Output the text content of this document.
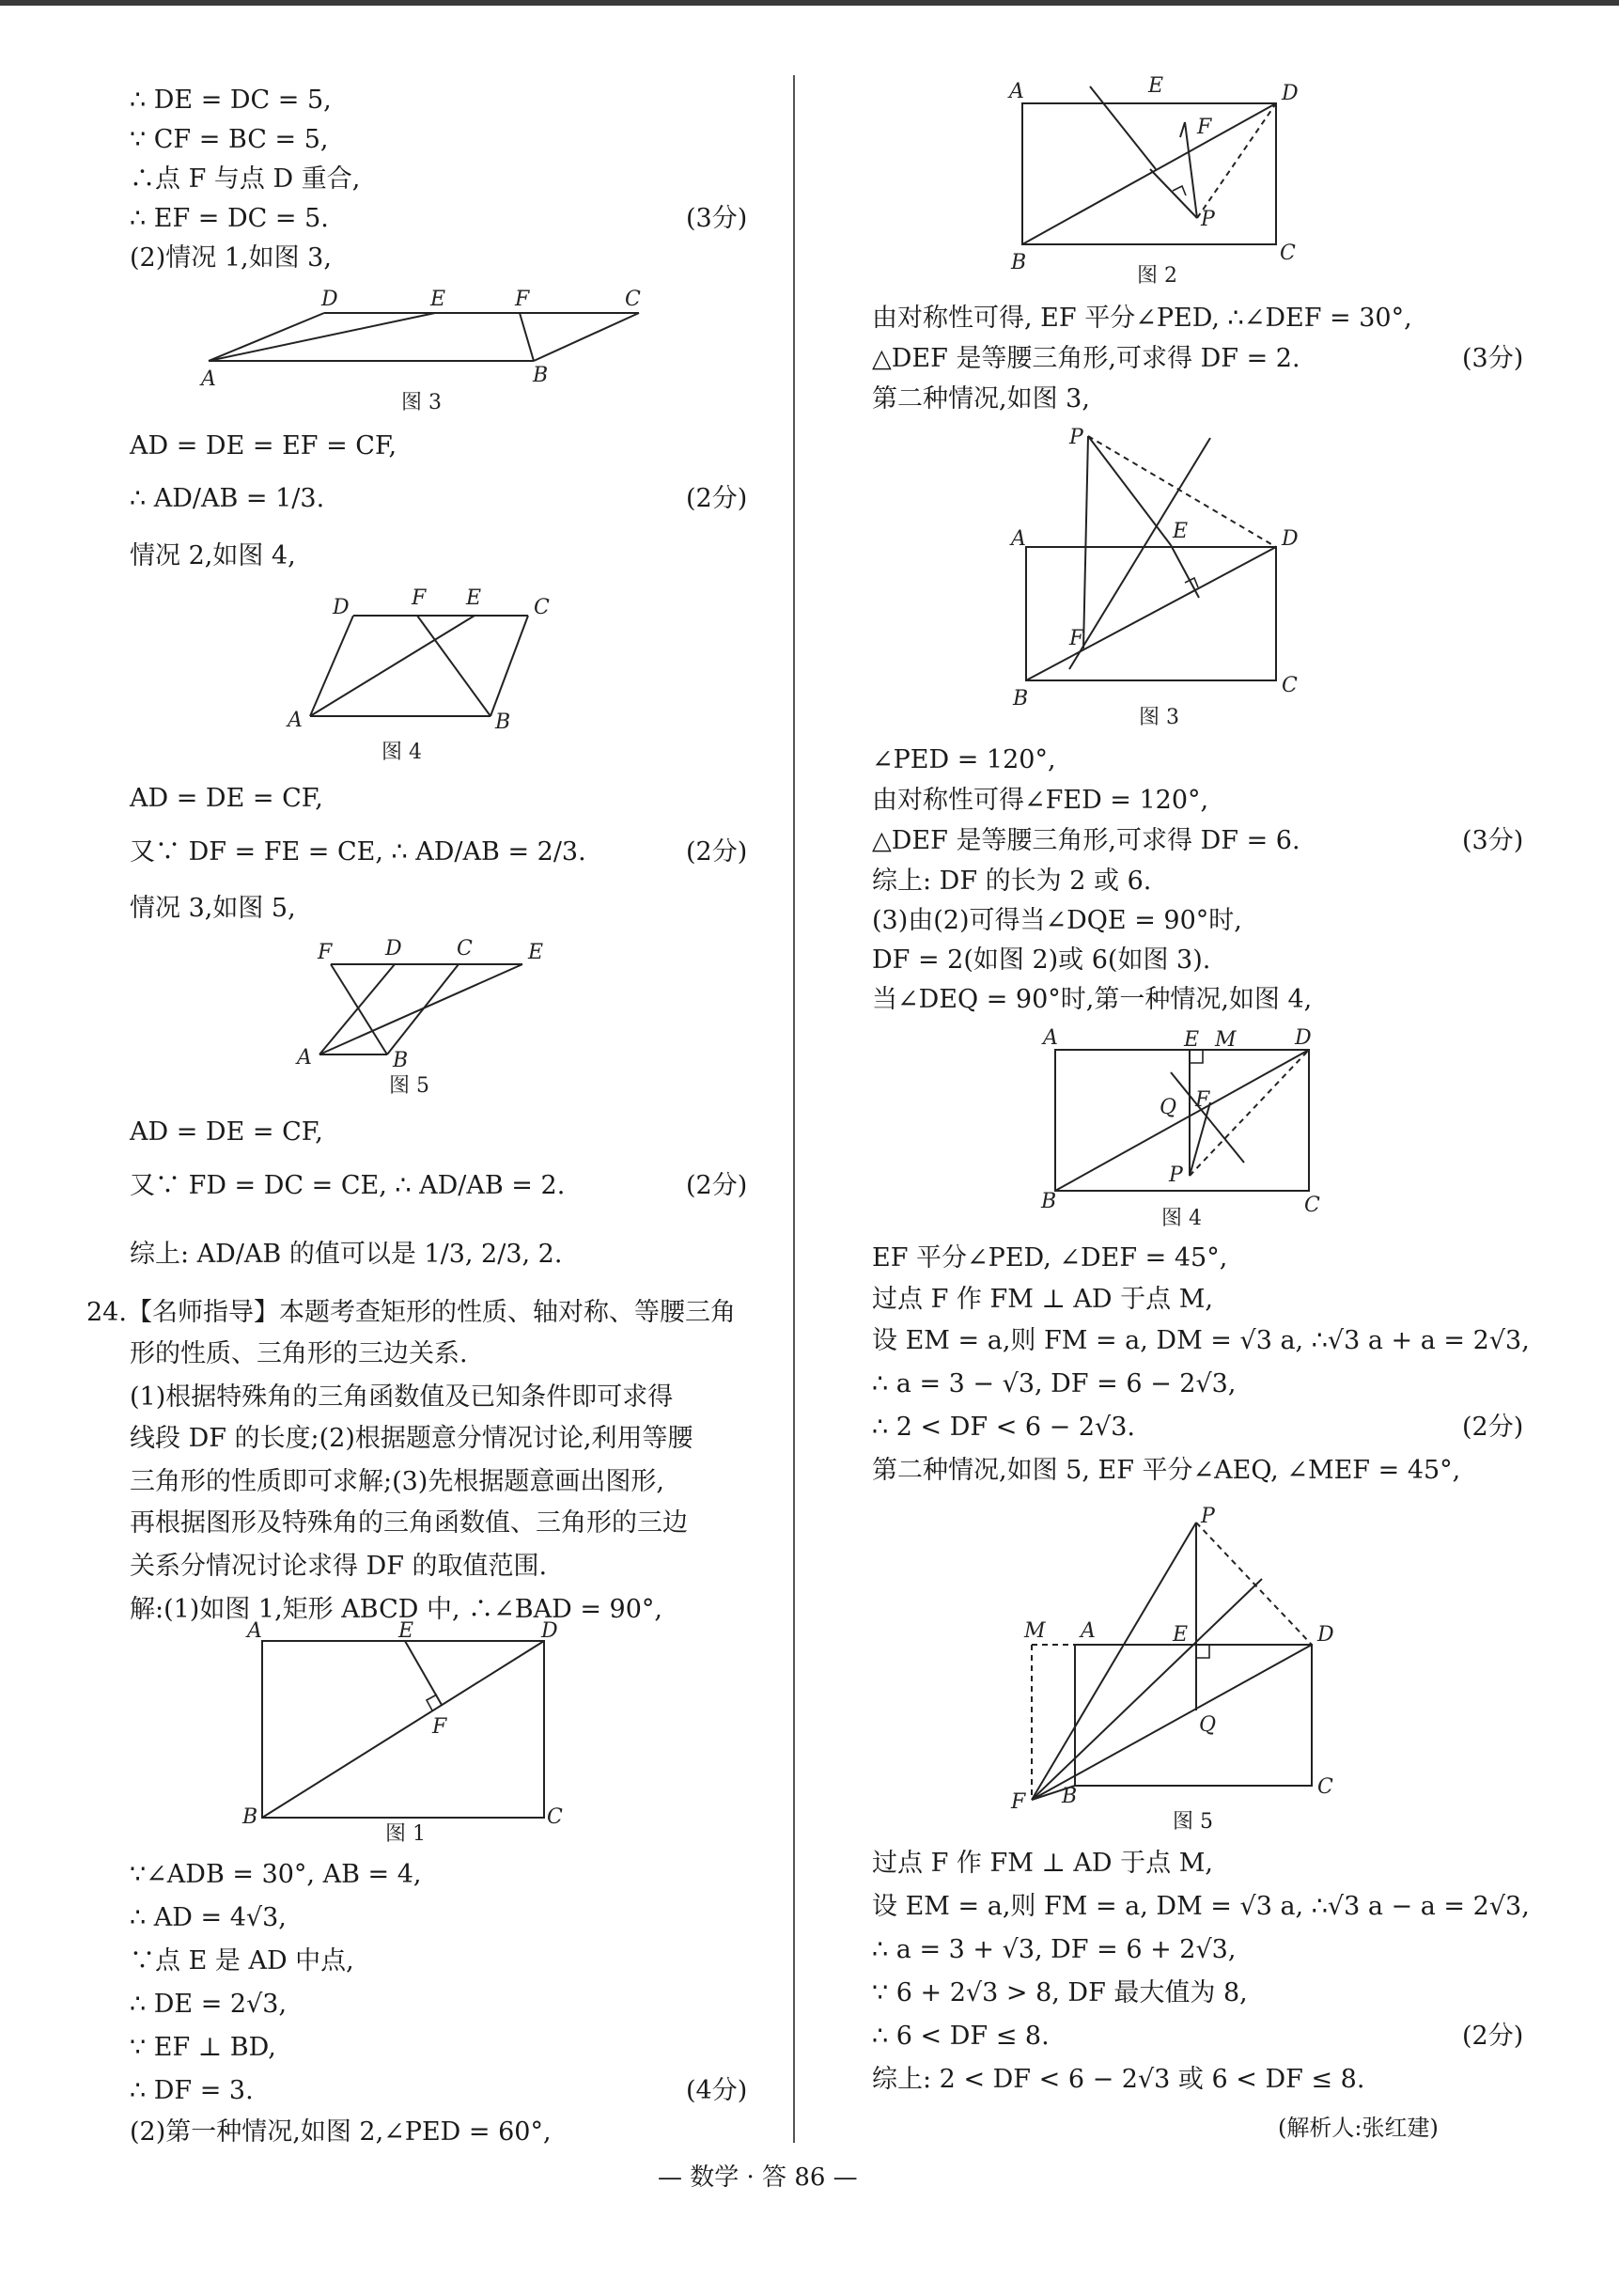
∴ DE = DC = 5,
∵ CF = BC = 5,
∴点 F 与点 D 重合,
∴ EF = DC = 5.	(3分)
(2)情况 1,如图 3,
D	E	F	C
A	B
图 3
AD = DE = EF = CF,
∴ AD/AB = 1/3.	(2分)
情况 2,如图 4,
D	F E	C
A	B
图 4
AD = DE = CF,
又∵ DF = FE = CE, ∴ AD/AB = 2/3.	(2分)
情况 3,如图 5,
F	D	C	E
A	B
图 5
AD = DE = CF,
又∵ FD = DC = CE, ∴ AD/AB = 2.	(2分)
综上: AD/AB 的值可以是 1/3, 2/3, 2.
24.【名师指导】本题考查矩形的性质、轴对称、等腰三角
形的性质、三角形的三边关系.
(1)根据特殊角的三角函数值及已知条件即可求得
线段 DF 的长度;(2)根据题意分情况讨论,利用等腰
三角形的性质即可求解;(3)先根据题意画出图形,
再根据图形及特殊角的三角函数值、三角形的三边
关系分情况讨论求得 DF 的取值范围.
解:(1)如图 1,矩形 ABCD 中, ∴∠BAD = 90°,
A	E	D
F
B	C
图 1
∵∠ADB = 30°, AB = 4,
∴ AD = 4√3,
∵点 E 是 AD 中点,
∴ DE = 2√3,
∵ EF ⊥ BD,
∴ DF = 3.	(4分)
(2)第一种情况,如图 2,∠PED = 60°,
A	E	D
F
P
B	C
图 2
由对称性可得, EF 平分∠PED, ∴∠DEF = 30°,
△DEF 是等腰三角形,可求得 DF = 2.	(3分)
第二种情况,如图 3,
P
A	E	D
F
B
C
图 3
∠PED = 120°,
由对称性可得∠FED = 120°,
△DEF 是等腰三角形,可求得 DF = 6.	(3分)
综上: DF 的长为 2 或 6.
(3)由(2)可得当∠DQE = 90°时,
DF = 2(如图 2)或 6(如图 3).
当∠DEQ = 90°时,第一种情况,如图 4,
A	E M	D
Q F
P
B	C
图 4
EF 平分∠PED, ∠DEF = 45°,
过点 F 作 FM ⊥ AD 于点 M,
设 EM = a,则 FM = a, DM = √3 a, ∴√3 a + a = 2√3,
∴ a = 3 − √3, DF = 6 − 2√3,
∴ 2 < DF < 6 − 2√3.	(2分)
第二种情况,如图 5, EF 平分∠AEQ, ∠MEF = 45°,
P
M A	E	D
Q
F B	C
图 5
过点 F 作 FM ⊥ AD 于点 M,
设 EM = a,则 FM = a, DM = √3 a, ∴√3 a − a = 2√3,
∴ a = 3 + √3, DF = 6 + 2√3,
∵ 6 + 2√3 > 8, DF 最大值为 8,
∴ 6 < DF ≤ 8.	(2分)
综上: 2 < DF < 6 − 2√3 或 6 < DF ≤ 8.
(解析人:张红建)
— 数学 · 答 86 —
